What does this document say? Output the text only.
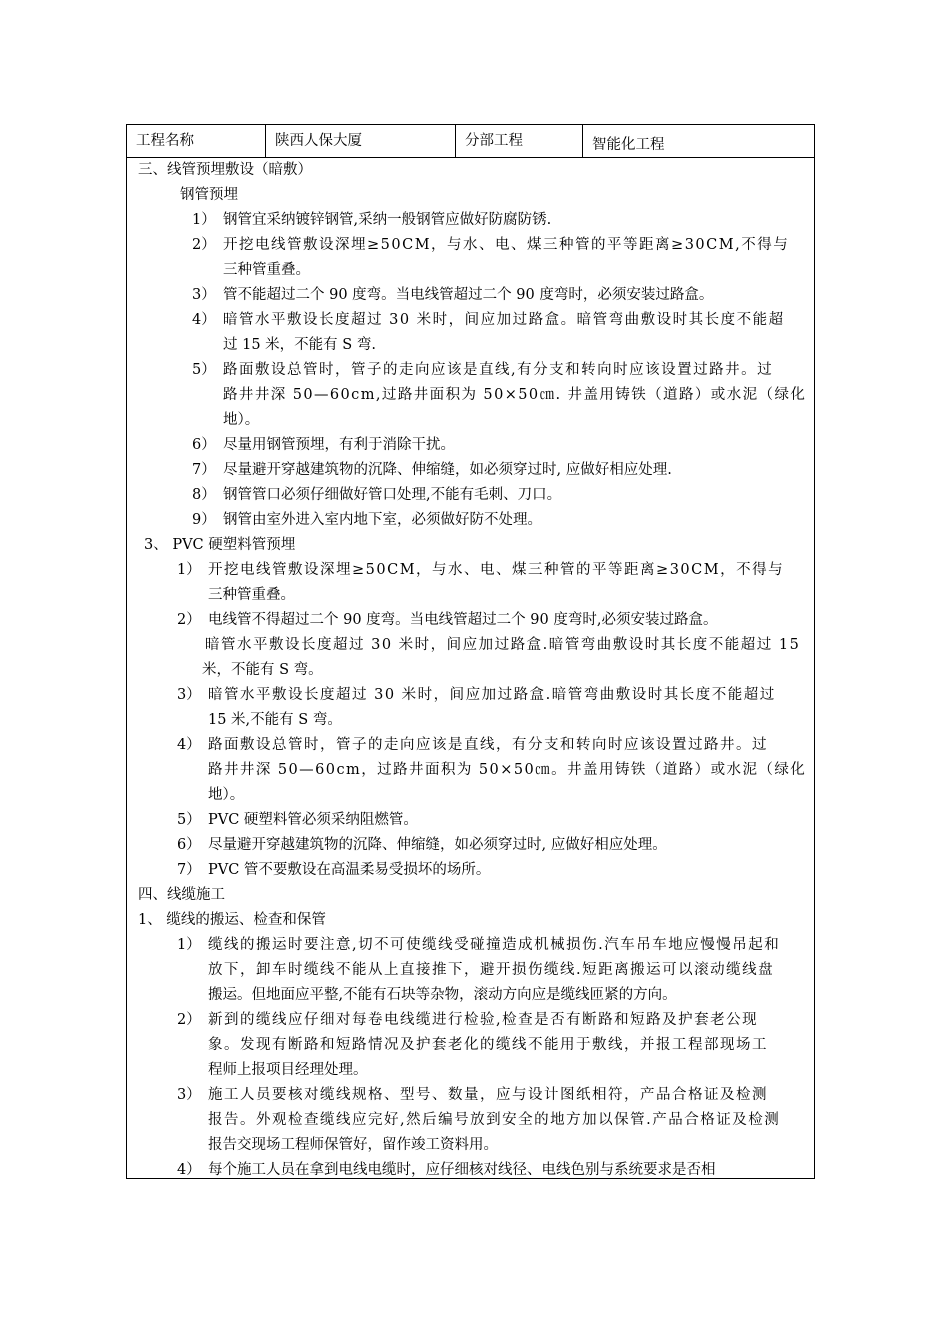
工程名称	陕西人保大厦	分部工程	智能化工程
三、线管预埋敷设（暗敷）
钢管预埋
1） 钢管宜采纳镀锌钢管,采纳一般钢管应做好防腐防锈.
2） 开挖电线管敷设深埋≥50CM，与水、电、煤三种管的平等距离≥30CM,不得与
三种管重叠。
3） 管不能超过二个 90 度弯。当电线管超过二个 90 度弯时，必须安装过路盒。
4） 暗管水平敷设长度超过 30 米时，间应加过路盒。暗管弯曲敷设时其长度不能超
过 15 米，不能有 S 弯.
5） 路面敷设总管时，管子的走向应该是直线,有分支和转向时应该设置过路井。过
路井井深 50—60cm,过路井面积为 50×50㎝. 井盖用铸铁（道路）或水泥（绿化
地）。
6） 尽量用钢管预埋，有利于消除干扰。
7） 尽量避开穿越建筑物的沉降、伸缩缝，如必须穿过时, 应做好相应处理.
8） 钢管管口必须仔细做好管口处理,不能有毛刺、刀口。
9） 钢管由室外进入室内地下室，必须做好防不处理。
3、 PVC 硬塑料管预埋
1） 开挖电线管敷设深埋≥50CM，与水、电、煤三种管的平等距离≥30CM，不得与
三种管重叠。
2） 电线管不得超过二个 90 度弯。当电线管超过二个 90 度弯时,必须安装过路盒。
暗管水平敷设长度超过 30 米时，间应加过路盒.暗管弯曲敷设时其长度不能超过 15
米，不能有 S 弯。
3） 暗管水平敷设长度超过 30 米时，间应加过路盒.暗管弯曲敷设时其长度不能超过
15 米,不能有 S 弯。
4） 路面敷设总管时，管子的走向应该是直线，有分支和转向时应该设置过路井。过
路井井深 50—60cm，过路井面积为 50×50㎝。井盖用铸铁（道路）或水泥（绿化
地）。
5） PVC 硬塑料管必须采纳阻燃管。
6） 尽量避开穿越建筑物的沉降、伸缩缝，如必须穿过时, 应做好相应处理。
7） PVC 管不要敷设在高温柔易受损坏的场所。
四、线缆施工
1、 缆线的搬运、检查和保管
1） 缆线的搬运时要注意,切不可使缆线受碰撞造成机械损伤.汽车吊车地应慢慢吊起和
放下，卸车时缆线不能从上直接推下，避开损伤缆线.短距离搬运可以滚动缆线盘
搬运。但地面应平整,不能有石块等杂物，滚动方向应是缆线匝紧的方向。
2） 新到的缆线应仔细对每卷电线缆进行检验,检查是否有断路和短路及护套老公现
象。发现有断路和短路情况及护套老化的缆线不能用于敷线，并报工程部现场工
程师上报项目经理处理。
3） 施工人员要核对缆线规格、型号、数量，应与设计图纸相符，产品合格证及检测
报告。外观检查缆线应完好,然后编号放到安全的地方加以保管.产品合格证及检测
报告交现场工程师保管好，留作竣工资料用。
4） 每个施工人员在拿到电线电缆时，应仔细核对线径、电线色别与系统要求是否相
